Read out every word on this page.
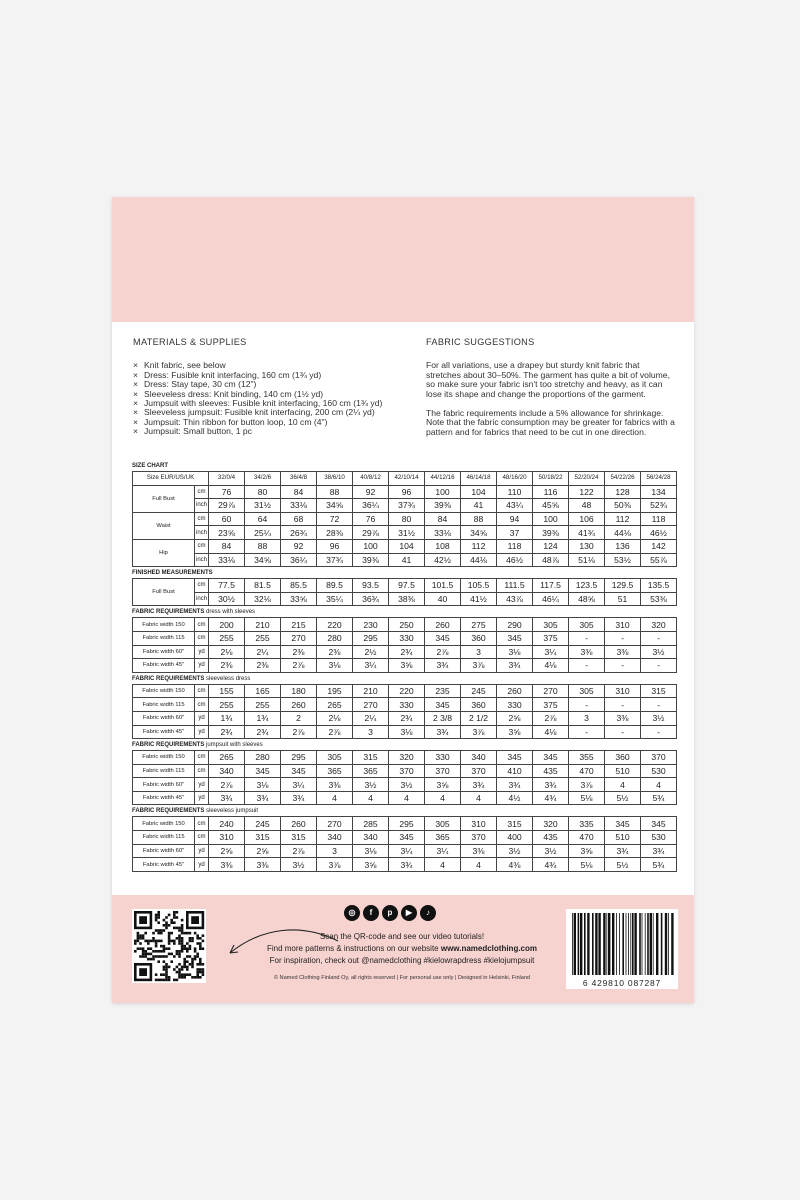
MATERIALS & SUPPLIES
× Knit fabric, see below
× Dress: Fusible knit interfacing, 160 cm (1¾ yd)
× Dress: Stay tape, 30 cm (12")
× Sleeveless dress: Knit binding, 140 cm (1½ yd)
× Jumpsuit with sleeves: Fusible knit interfacing, 160 cm (1¾ yd)
× Sleeveless jumpsuit: Fusible knit interfacing, 200 cm (2¼ yd)
× Jumpsuit: Thin ribbon for button loop, 10 cm (4")
× Jumpsuit: Small button, 1 pc
FABRIC SUGGESTIONS
For all variations, use a drapey but sturdy knit fabric that stretches about 30–50%. The garment has quite a bit of volume, so make sure your fabric isn't too stretchy and heavy, as it can lose its shape and change the proportions of the garment.
The fabric requirements include a 5% allowance for shrinkage. Note that the fabric consumption may be greater for fabrics with a pattern and for fabrics that need to be cut in one direction.
SIZE CHART
Size EUR/US/UK		32/0/4	34/2/6	36/4/8	38/6/10	40/8/12	42/10/14	44/12/16	46/14/18	48/16/20	50/18/22	52/20/24	54/22/26	56/24/28
Full Bust	cm	76	80	84	88	92	96	100	104	110	116	122	128	134
	inch	29⅞	31½	33⅛	34⅝	36¼	37¾	39⅜	41	43¼	45⅝	48	50⅜	52¾
Waist	cm	60	64	68	72	76	80	84	88	94	100	106	112	118
	inch	23⅝	25¼	26¾	28⅜	29⅞	31½	33⅛	34⅝	37	39⅜	41¾	44⅛	46½
Hip	cm	84	88	92	96	100	104	108	112	118	124	130	136	142
	inch	33⅛	34⅝	36¼	37¾	39⅜	41	42½	44⅛	46½	48⅞	51⅛	53½	55⅞
FINISHED MEASUREMENTS
Full Bust	cm	77.5	81.5	85.5	89.5	93.5	97.5	101.5	105.5	111.5	117.5	123.5	129.5	135.5
	inch	30½	32⅛	33⅝	35¼	36¾	38⅜	40	41½	43⅞	46¼	48⅝	51	53⅜
FABRIC REQUIREMENTS dress with sleeves
Fabric width 150	cm	200	210	215	220	230	250	260	275	290	305	305	310	320
Fabric width 115	cm	255	255	270	280	295	330	345	360	345	375	-	-	-
Fabric width 60"	yd	2⅛	2¼	2⅜	2⅜	2½	2¾	2⅞	3	3⅛	3¼	3⅜	3⅜	3½
Fabric width 45"	yd	2⅜	2⅜	2⅞	3⅛	3¼	3⅝	3¾	3⅞	3¾	4⅛	-	-	-
FABRIC REQUIREMENTS sleeveless dress
Fabric width 150	cm	155	165	180	195	210	220	235	245	260	270	305	310	315
Fabric width 115	cm	255	255	260	265	270	330	345	360	330	375	-	-	-
Fabric width 60"	yd	1¾	1¾	2	2⅛	2¼	2¾	2 3/8	2 1/2	2⅝	2⅞	3	3⅜	3½
Fabric width 45"	yd	2¾	2¾	2⅞	2⅞	3	3⅛	3¾	3⅞	3⅝	4⅛	-	-	-
FABRIC REQUIREMENTS jumpsuit with sleeves
Fabric width 150	cm	265	280	295	305	315	320	330	340	345	345	355	360	370
Fabric width 115	cm	340	345	345	365	365	370	370	370	410	435	470	510	530
Fabric width 60"	yd	2⅞	3⅛	3¼	3⅜	3½	3½	3⅝	3¾	3¾	3¾	3⅞	4	4
Fabric width 45"	yd	3¾	3¾	3¾	4	4	4	4	4	4½	4¾	5⅛	5½	5¾
FABRIC REQUIREMENTS sleeveless jumpsuit
Fabric width 150	cm	240	245	260	270	285	295	305	310	315	320	335	345	345
Fabric width 115	cm	310	315	315	340	340	345	365	370	400	435	470	510	530
Fabric width 60"	yd	2⅝	2⅝	2⅞	3	3⅛	3¼	3¼	3⅜	3½	3½	3⅝	3¾	3¾
Fabric width 45"	yd	3⅜	3⅜	3½	3⅞	3⅝	3¾	4	4	4⅜	4¾	5⅛	5½	5¾
◎	f	p	▶	♪
Scan the QR-code and see our video tutorials!
Find more patterns & instructions on our website www.namedclothing.com
For inspiration, check out @namedclothing #kielowrapdress #kielojumpsuit
© Named Clothing Finland Oy, all rights reserved | For personal use only | Designed in Helsinki, Finland	6 429810 087287
